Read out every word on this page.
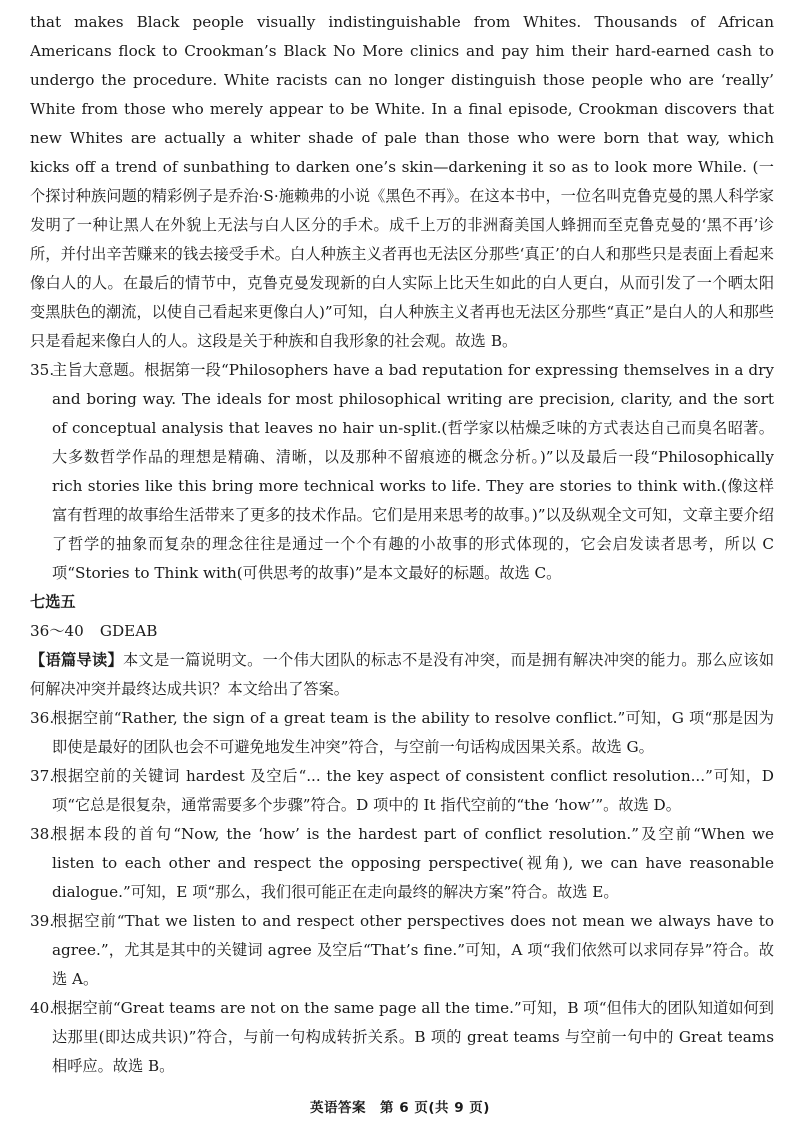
that makes Black people visually indistinguishable from Whites. Thousands of African Americans flock to Crookman’s Black No More clinics and pay him their hard-earned cash to undergo the procedure. White racists can no longer distinguish those people who are ‘really’ White from those who merely appear to be White. In a final episode, Crookman discovers that new Whites are actually a whiter shade of pale than those who were born that way, which kicks off a trend of sunbathing to darken one’s skin—darkening it so as to look more While. (一个探讨种族问题的精彩例子是乔治·S·施赖弗的小说《黑色不再》。在这本书中，一位名叫克鲁克曼的黑人科学家发明了一种让黑人在外貌上无法与白人区分的手术。成千上万的非洲裔美国人蜂拥而至克鲁克曼的‘黑不再’诊所，并付出辛苦赚来的钱去接受手术。白人种族主义者再也无法区分那些‘真正’的白人和那些只是表面上看起来像白人的人。在最后的情节中，克鲁克曼发现新的白人实际上比天生如此的白人更白，从而引发了一个晒太阳变黑肤色的潮流，以使自己看起来更像白人)”可知，白人种族主义者再也无法区分那些“真正”是白人的人和那些只是看起来像白人的人。这段是关于种族和自我形象的社会观。故选 B。

35.
主旨大意题。根据第一段“Philosophers have a bad reputation for expressing themselves in a dry and boring way. The ideals for most philosophical writing are precision, clarity, and the sort of conceptual analysis that leaves no hair un-split.(哲学家以枯燥乏味的方式表达自己而臭名昭著。大多数哲学作品的理想是精确、清晰，以及那种不留痕迹的概念分析。)”以及最后一段“Philosophically rich stories like this bring more technical works to life. They are stories to think with.(像这样富有哲理的故事给生活带来了更多的技术作品。它们是用来思考的故事。)”以及纵观全文可知，文章主要介绍了哲学的抽象而复杂的理念往往是通过一个个有趣的小故事的形式体现的，它会启发读者思考，所以 C 项“Stories to Think with(可供思考的故事)”是本文最好的标题。故选 C。

七选五

36～40 GDEAB

【语篇导读】本文是一篇说明文。一个伟大团队的标志不是没有冲突，而是拥有解决冲突的能力。那么应该如何解决冲突并最终达成共识？本文给出了答案。

36.
根据空前“Rather, the sign of a great team is the ability to resolve conflict.”可知，G 项“那是因为即使是最好的团队也会不可避免地发生冲突”符合，与空前一句话构成因果关系。故选 G。
37.
根据空前的关键词 hardest 及空后“... the key aspect of consistent conflict resolution...”可知，D 项“它总是很复杂，通常需要多个步骤”符合。D 项中的 It 指代空前的“the ‘how’”。故选 D。
38.
根据本段的首句“Now, the ‘how’ is the hardest part of conflict resolution.”及空前“When we listen to each other and respect the opposing perspective(视角), we can have reasonable dialogue.”可知，E 项“那么，我们很可能正在走向最终的解决方案”符合。故选 E。
39.
根据空前“That we listen to and respect other perspectives does not mean we always have to agree.”，尤其是其中的关键词 agree 及空后“That’s fine.”可知，A 项“我们依然可以求同存异”符合。故选 A。
40.
根据空前“Great teams are not on the same page all the time.”可知，B 项“但伟大的团队知道如何到达那里(即达成共识)”符合，与前一句构成转折关系。B 项的 great teams 与空前一句中的 Great teams 相呼应。故选 B。
英语答案　第 6 页(共 9 页)
